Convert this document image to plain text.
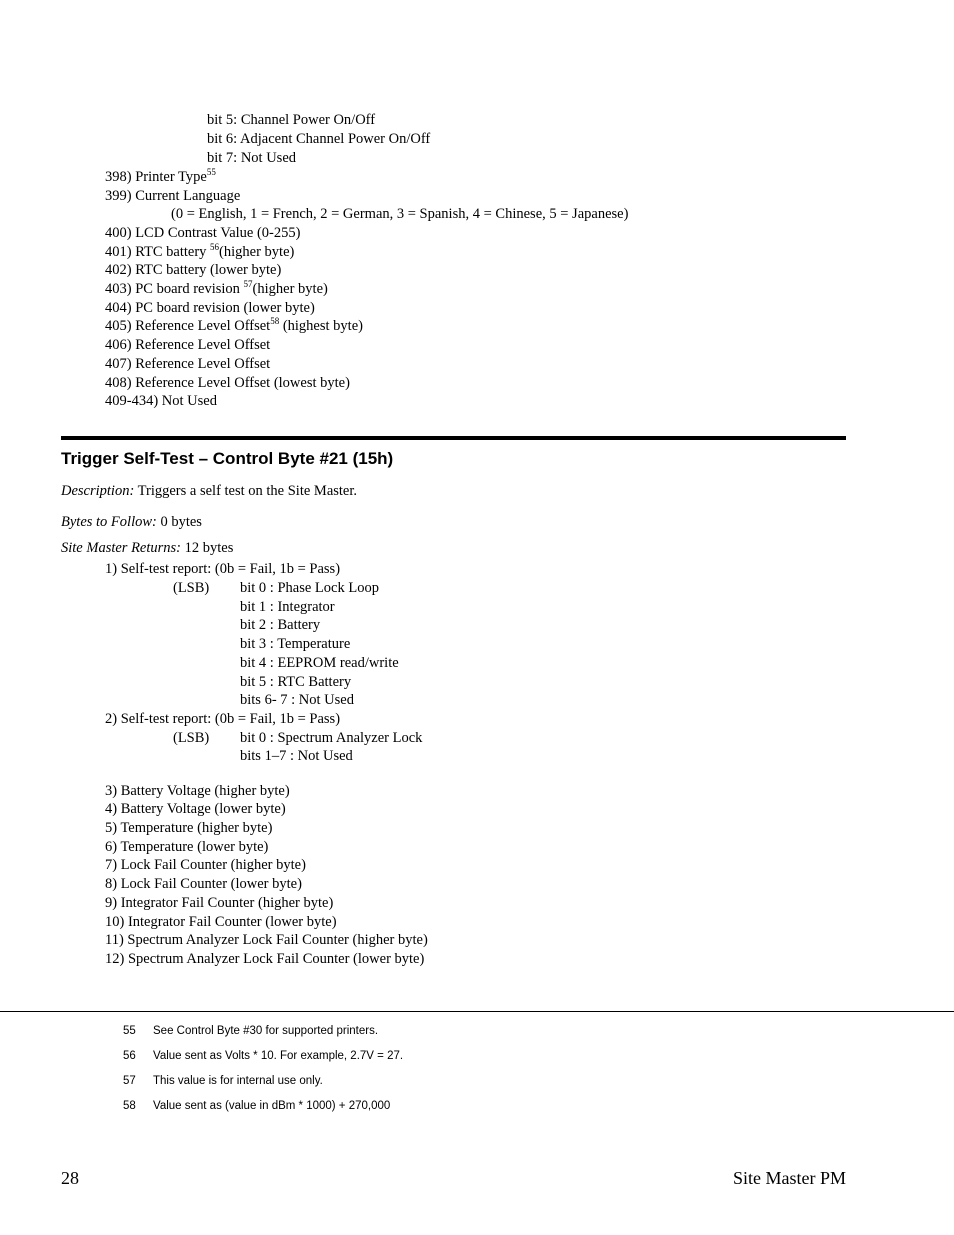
bit 5: Channel Power On/Off
bit 6: Adjacent Channel Power On/Off
bit 7: Not Used
398) Printer Type$^{55}$
399) Current Language
(0 = English, 1 = French, 2 = German, 3 = Spanish, 4 = Chinese, 5 = Japanese)
400) LCD Contrast Value (0-255)
401) RTC battery $^{56}$(higher byte)
402) RTC battery (lower byte)
403) PC board revision $^{57}$(higher byte)
404) PC board revision (lower byte)
405) Reference Level Offset$^{58}$ (highest byte)
406) Reference Level Offset
407) Reference Level Offset
408) Reference Level Offset (lowest byte)
409-434) Not Used
Trigger Self-Test – Control Byte #21 (15h)
Description: Triggers a self test on the Site Master.
Bytes to Follow: 0 bytes
Site Master Returns: 12 bytes
1) Self-test report: (0b = Fail, 1b = Pass)
(LSB) bit 0 : Phase Lock Loop
bit 1 : Integrator
bit 2 : Battery
bit 3 : Temperature
bit 4 : EEPROM read/write
bit 5 : RTC Battery
bits 6- 7 : Not Used
2) Self-test report: (0b = Fail, 1b = Pass)
(LSB) bit 0 : Spectrum Analyzer Lock
bits 1–7 : Not Used
3) Battery Voltage (higher byte)
4) Battery Voltage (lower byte)
5) Temperature (higher byte)
6) Temperature (lower byte)
7) Lock Fail Counter (higher byte)
8) Lock Fail Counter (lower byte)
9) Integrator Fail Counter (higher byte)
10) Integrator Fail Counter (lower byte)
11) Spectrum Analyzer Lock Fail Counter (higher byte)
12) Spectrum Analyzer Lock Fail Counter (lower byte)
55 See Control Byte #30 for supported printers.
56 Value sent as Volts * 10. For example, 2.7V = 27.
57 This value is for internal use only.
58 Value sent as (value in dBm * 1000) + 270,000
28	Site Master PM
